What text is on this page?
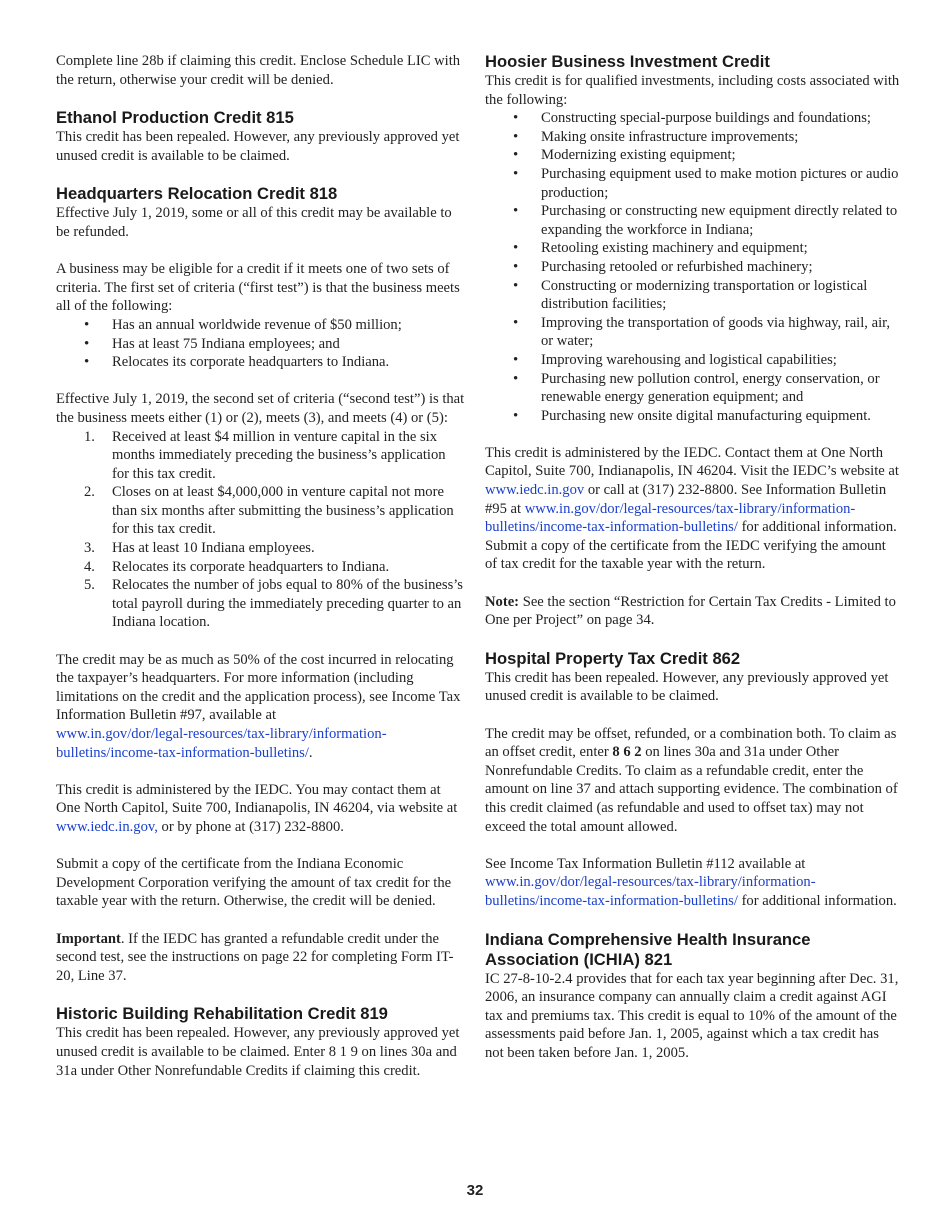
Complete line 28b if claiming this credit. Enclose Schedule LIC with the return, otherwise your credit will be denied.

Ethanol Production Credit 815

This credit has been repealed. However, any previously approved yet unused credit is available to be claimed.

Headquarters Relocation Credit 818

Effective July 1, 2019, some or all of this credit may be available to be refunded.

A business may be eligible for a credit if it meets one of two sets of criteria. The first set of criteria (“first test”) is that the business meets all of the following:

• Has an annual worldwide revenue of $50 million;
• Has at least 75 Indiana employees; and
• Relocates its corporate headquarters to Indiana.

Effective July 1, 2019, the second set of criteria (“second test”) is that the business meets either (1) or (2), meets (3), and meets (4) or (5):

1. Received at least $4 million in venture capital in the six months immediately preceding the business’s application for this tax credit.
2. Closes on at least $4,000,000 in venture capital not more than six months after submitting the business’s application for this tax credit.
3. Has at least 10 Indiana employees.
4. Relocates its corporate headquarters to Indiana.
5. Relocates the number of jobs equal to 80% of the business’s total payroll during the immediately preceding quarter to an Indiana location.

The credit may be as much as 50% of the cost incurred in relocating the taxpayer’s headquarters. For more information (including limitations on the credit and the application process), see Income Tax Information Bulletin #97, available at
www.in.gov/dor/legal-resources/tax-library/information-bulletins/income-tax-information-bulletins/.

This credit is administered by the IEDC. You may contact them at One North Capitol, Suite 700, Indianapolis, IN 46204, via website at www.iedc.in.gov, or by phone at (317) 232-8800.

Submit a copy of the certificate from the Indiana Economic Development Corporation verifying the amount of tax credit for the taxable year with the return. Otherwise, the credit will be denied.

Important. If the IEDC has granted a refundable credit under the second test, see the instructions on page 22 for completing Form IT-20, Line 37.

Historic Building Rehabilitation Credit 819

This credit has been repealed. However, any previously approved yet unused credit is available to be claimed. Enter 8 1 9 on lines 30a and 31a under Other Nonrefundable Credits if claiming this credit.

Hoosier Business Investment Credit

This credit is for qualified investments, including costs associated with the following:

• Constructing special-purpose buildings and foundations;
• Making onsite infrastructure improvements;
• Modernizing existing equipment;
• Purchasing equipment used to make motion pictures or audio production;
• Purchasing or constructing new equipment directly related to expanding the workforce in Indiana;
• Retooling existing machinery and equipment;
• Purchasing retooled or refurbished machinery;
• Constructing or modernizing transportation or logistical distribution facilities;
• Improving the transportation of goods via highway, rail, air, or water;
• Improving warehousing and logistical capabilities;
• Purchasing new pollution control, energy conservation, or renewable energy generation equipment; and
• Purchasing new onsite digital manufacturing equipment.

This credit is administered by the IEDC. Contact them at One North Capitol, Suite 700, Indianapolis, IN 46204. Visit the IEDC’s website at www.iedc.in.gov or call at (317) 232-8800. See Information Bulletin #95 at www.in.gov/dor/legal-resources/tax-library/information-bulletins/income-tax-information-bulletins/ for additional information. Submit a copy of the certificate from the IEDC verifying the amount of tax credit for the taxable year with the return.

Note: See the section “Restriction for Certain Tax Credits - Limited to One per Project” on page 34.

Hospital Property Tax Credit 862

This credit has been repealed. However, any previously approved yet unused credit is available to be claimed.

The credit may be offset, refunded, or a combination both. To claim as an offset credit, enter 8 6 2 on lines 30a and 31a under Other Nonrefundable Credits. To claim as a refundable credit, enter the amount on line 37 and attach supporting evidence. The combination of this credit claimed (as refundable and used to offset tax) may not exceed the total amount allowed.

See Income Tax Information Bulletin #112 available at
www.in.gov/dor/legal-resources/tax-library/information-bulletins/income-tax-information-bulletins/ for additional information.

Indiana Comprehensive Health Insurance
Association (ICHIA) 821

IC 27-8-10-2.4 provides that for each tax year beginning after Dec. 31, 2006, an insurance company can annually claim a credit against AGI tax and premiums tax. This credit is equal to 10% of the amount of the assessments paid before Jan. 1, 2005, against which a tax credit has not been taken before Jan. 1, 2005.

32
